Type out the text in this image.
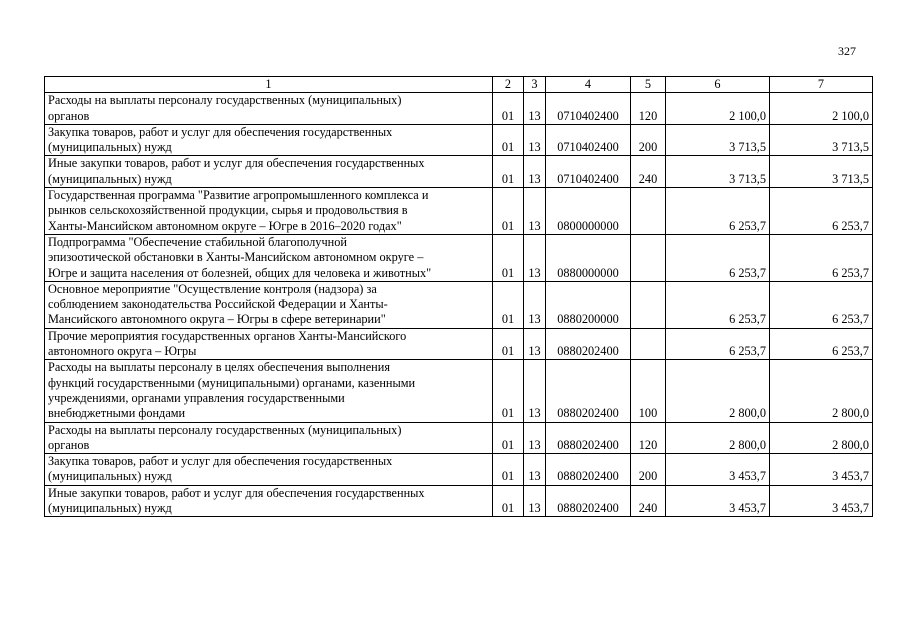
327
1	2	3	4	5	6	7

Расходы на выплаты персоналу государственных (муниципальных)
органов	01	13	0710402400	120	2 100,0	2 100,0

Закупка товаров, работ и услуг для обеспечения государственных
(муниципальных) нужд	01	13	0710402400	200	3 713,5	3 713,5

Иные закупки товаров, работ и услуг для обеспечения государственных
(муниципальных) нужд	01	13	0710402400	240	3 713,5	3 713,5

Государственная программа "Развитие агропромышленного комплекса и
рынков сельскохозяйственной продукции, сырья и продовольствия в
Ханты-Мансийском автономном округе – Югре в 2016–2020 годах"	01	13	0800000000		6 253,7	6 253,7

Подпрограмма "Обеспечение стабильной благополучной
эпизоотической обстановки в Ханты-Мансийском автономном округе –
Югре и защита населения от болезней, общих для человека и животных"	01	13	0880000000		6 253,7	6 253,7

Основное мероприятие "Осуществление контроля (надзора) за
соблюдением законодательства Российской Федерации и Ханты-
Мансийского автономного округа – Югры в сфере ветеринарии"	01	13	0880200000		6 253,7	6 253,7

Прочие мероприятия государственных органов Ханты-Мансийского
автономного округа – Югры	01	13	0880202400		6 253,7	6 253,7

Расходы на выплаты персоналу в целях обеспечения выполнения
функций государственными (муниципальными) органами, казенными
учреждениями, органами управления государственными
внебюджетными фондами	01	13	0880202400	100	2 800,0	2 800,0

Расходы на выплаты персоналу государственных (муниципальных)
органов	01	13	0880202400	120	2 800,0	2 800,0

Закупка товаров, работ и услуг для обеспечения государственных
(муниципальных) нужд	01	13	0880202400	200	3 453,7	3 453,7

Иные закупки товаров, работ и услуг для обеспечения государственных
(муниципальных) нужд	01	13	0880202400	240	3 453,7	3 453,7
